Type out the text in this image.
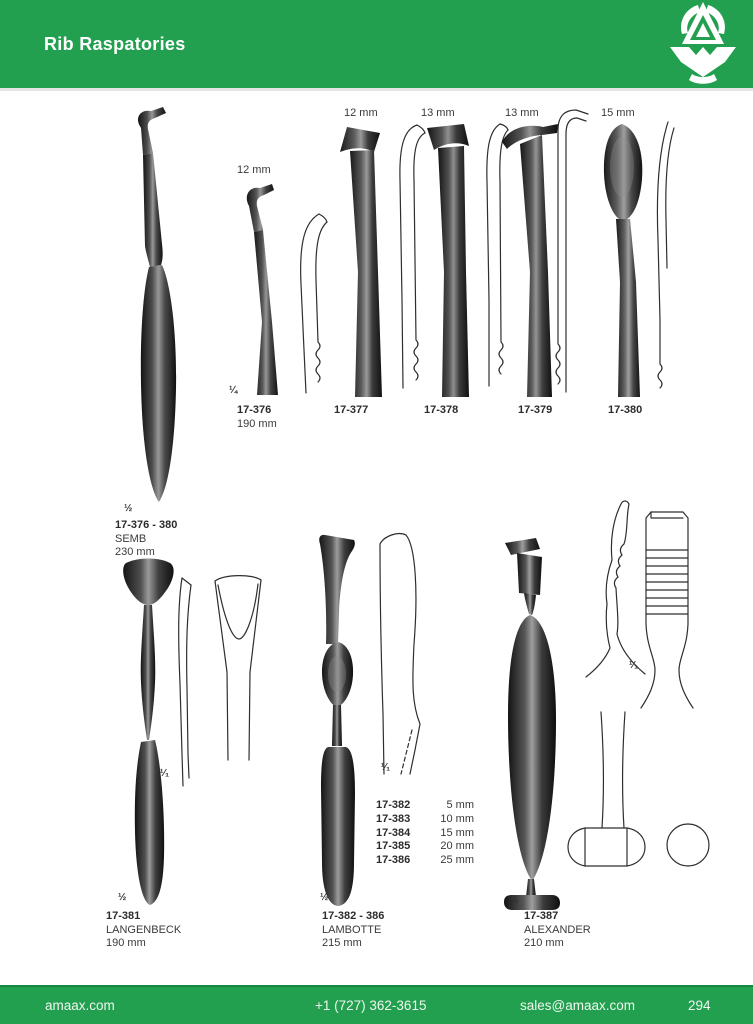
Rib Raspatories
½
17-376 - 380
SEMB
230 mm
12 mm
¼
17-376
190 mm
12 mm
17-377
13 mm
17-378
13 mm
17-379
15 mm
17-380
¹⁄₁
½
17-381
LANGENBECK
190 mm
¹⁄₁
17-382	5 mm
17-383	10 mm
17-384	15 mm
17-385	20 mm
17-386	25 mm
½
17-382 - 386
LAMBOTTE
215 mm
¹⁄₁
½
17-387
ALEXANDER
210 mm
amaax.com	+1 (727) 362-3615	sales@amaax.com	294
